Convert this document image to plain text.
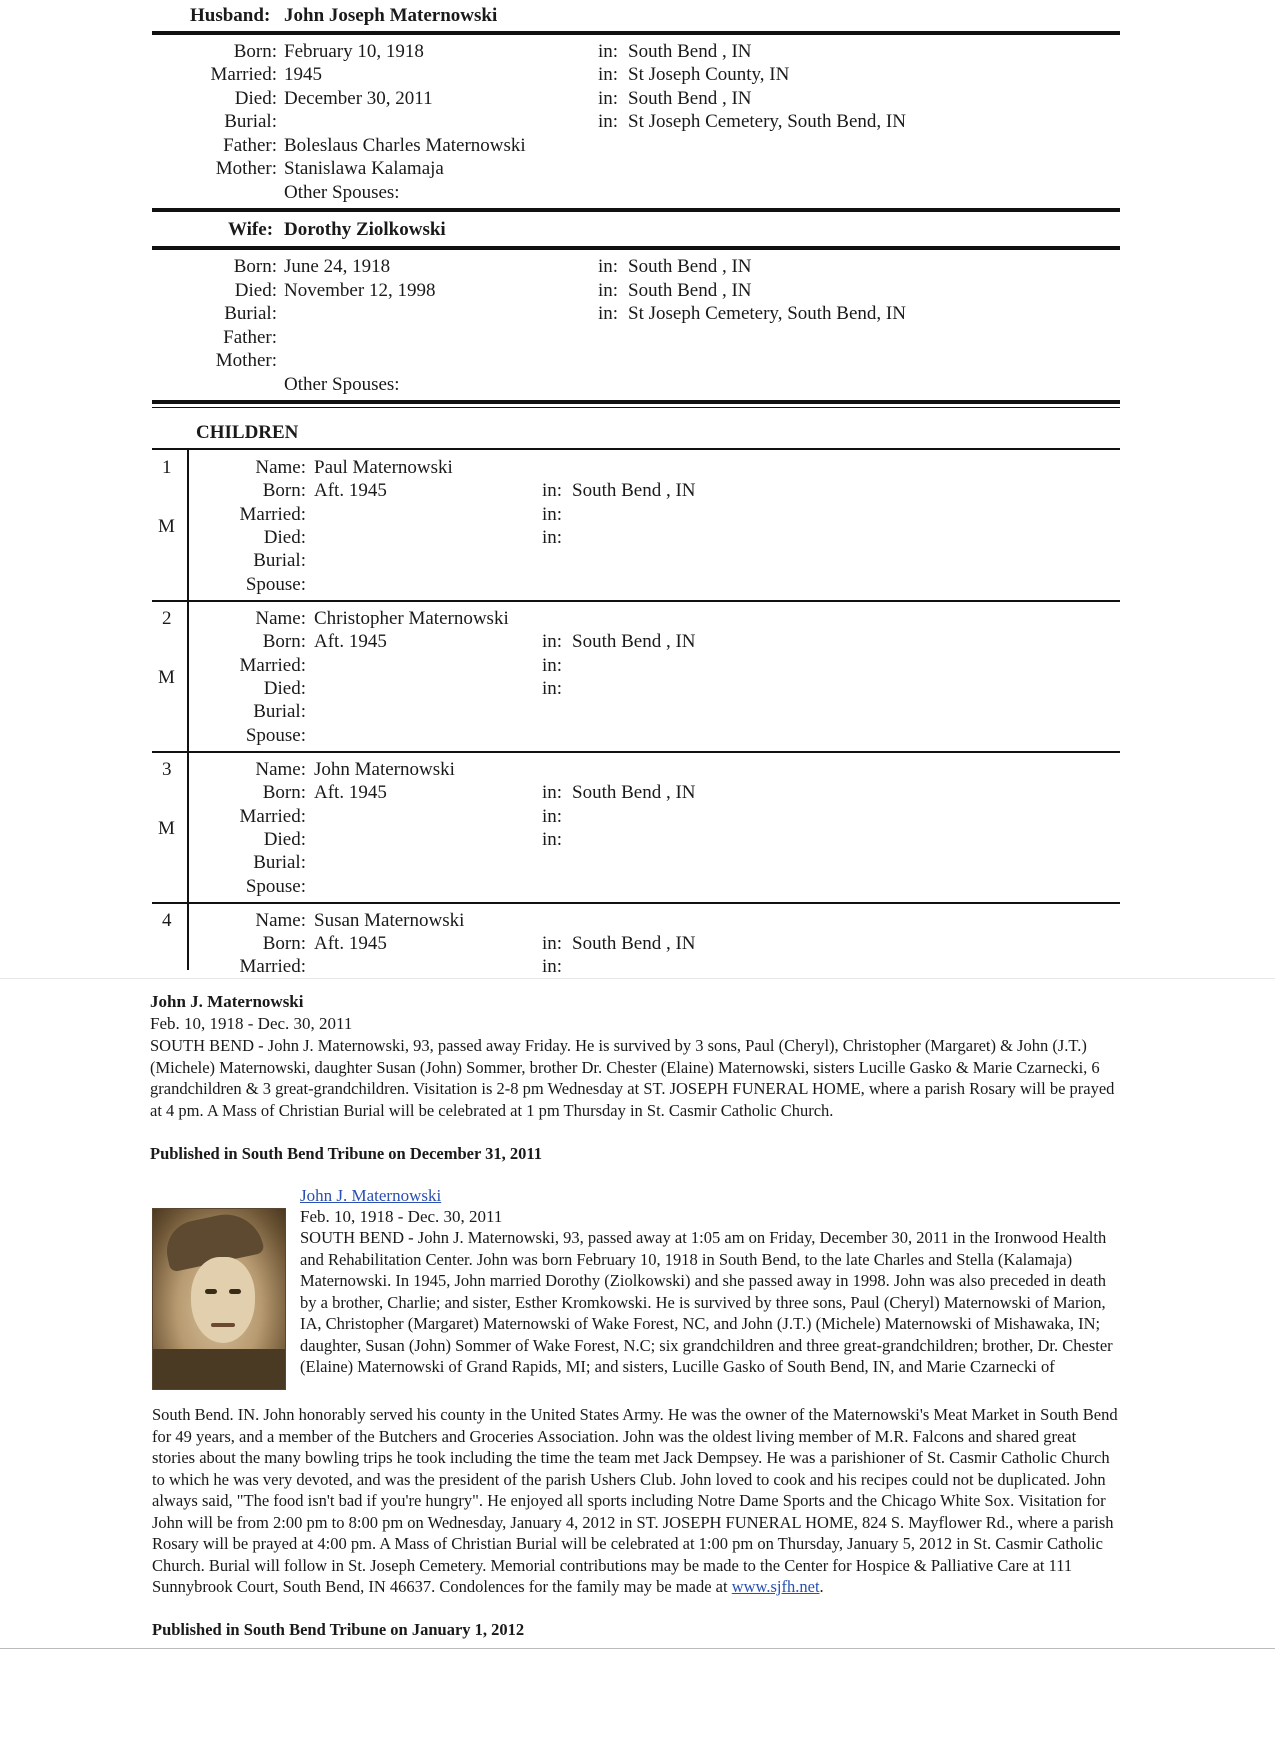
Husband: John Joseph Maternowski
Born: February 10, 1918	in: South Bend , IN
Married: 1945	in: St Joseph County, IN
Died: December 30, 2011	in: South Bend , IN
Burial:	in: St Joseph Cemetery, South Bend, IN
Father: Boleslaus Charles Maternowski
Mother: Stanislawa Kalamaja
Other Spouses:
Wife: Dorothy Ziolkowski
Born: June 24, 1918	in: South Bend , IN
Died: November 12, 1998	in: South Bend , IN
Burial:	in: St Joseph Cemetery, South Bend, IN
Father:
Mother:
Other Spouses:
CHILDREN
1
M
Name: Paul Maternowski
Born: Aft. 1945	in: South Bend , IN
Married:	in:
Died:	in:
Burial:
Spouse:
2
M
Name: Christopher Maternowski
Born: Aft. 1945	in: South Bend , IN
Married:	in:
Died:	in:
Burial:
Spouse:
3
M
Name: John Maternowski
Born: Aft. 1945	in: South Bend , IN
Married:	in:
Died:	in:
Burial:
Spouse:
4	Name: Susan Maternowski
Born: Aft. 1945	in: South Bend , IN
Married:	in:
John J. Maternowski
Feb. 10, 1918 - Dec. 30, 2011
SOUTH BEND - John J. Maternowski, 93, passed away Friday. He is survived by 3 sons, Paul (Cheryl), Christopher (Margaret) & John (J.T.) (Michele) Maternowski, daughter Susan (John) Sommer, brother Dr. Chester (Elaine) Maternowski, sisters Lucille Gasko & Marie Czarnecki, 6 grandchildren & 3 great-grandchildren. Visitation is 2-8 pm Wednesday at ST. JOSEPH FUNERAL HOME, where a parish Rosary will be prayed at 4 pm. A Mass of Christian Burial will be celebrated at 1 pm Thursday in St. Casmir Catholic Church.
Published in South Bend Tribune on December 31, 2011
John J. Maternowski
Feb. 10, 1918 - Dec. 30, 2011
SOUTH BEND - John J. Maternowski, 93, passed away at 1:05 am on Friday, December 30, 2011 in the Ironwood Health and Rehabilitation Center. John was born February 10, 1918 in South Bend, to the late Charles and Stella (Kalamaja) Maternowski. In 1945, John married Dorothy (Ziolkowski) and she passed away in 1998. John was also preceded in death by a brother, Charlie; and sister, Esther Kromkowski. He is survived by three sons, Paul (Cheryl) Maternowski of Marion, IA, Christopher (Margaret) Maternowski of Wake Forest, NC, and John (J.T.) (Michele) Maternowski of Mishawaka, IN; daughter, Susan (John) Sommer of Wake Forest, N.C; six grandchildren and three great-grandchildren; brother, Dr. Chester (Elaine) Maternowski of Grand Rapids, MI; and sisters, Lucille Gasko of South Bend, IN, and Marie Czarnecki of
South Bend. IN. John honorably served his county in the United States Army. He was the owner of the Maternowski's Meat Market in South Bend for 49 years, and a member of the Butchers and Groceries Association. John was the oldest living member of M.R. Falcons and shared great stories about the many bowling trips he took including the time the team met Jack Dempsey. He was a parishioner of St. Casmir Catholic Church to which he was very devoted, and was the president of the parish Ushers Club. John loved to cook and his recipes could not be duplicated. John always said, "The food isn't bad if you're hungry". He enjoyed all sports including Notre Dame Sports and the Chicago White Sox. Visitation for John will be from 2:00 pm to 8:00 pm on Wednesday, January 4, 2012 in ST. JOSEPH FUNERAL HOME, 824 S. Mayflower Rd., where a parish Rosary will be prayed at 4:00 pm. A Mass of Christian Burial will be celebrated at 1:00 pm on Thursday, January 5, 2012 in St. Casmir Catholic Church. Burial will follow in St. Joseph Cemetery. Memorial contributions may be made to the Center for Hospice & Palliative Care at 111 Sunnybrook Court, South Bend, IN 46637. Condolences for the family may be made at www.sjfh.net.
Published in South Bend Tribune on January 1, 2012
